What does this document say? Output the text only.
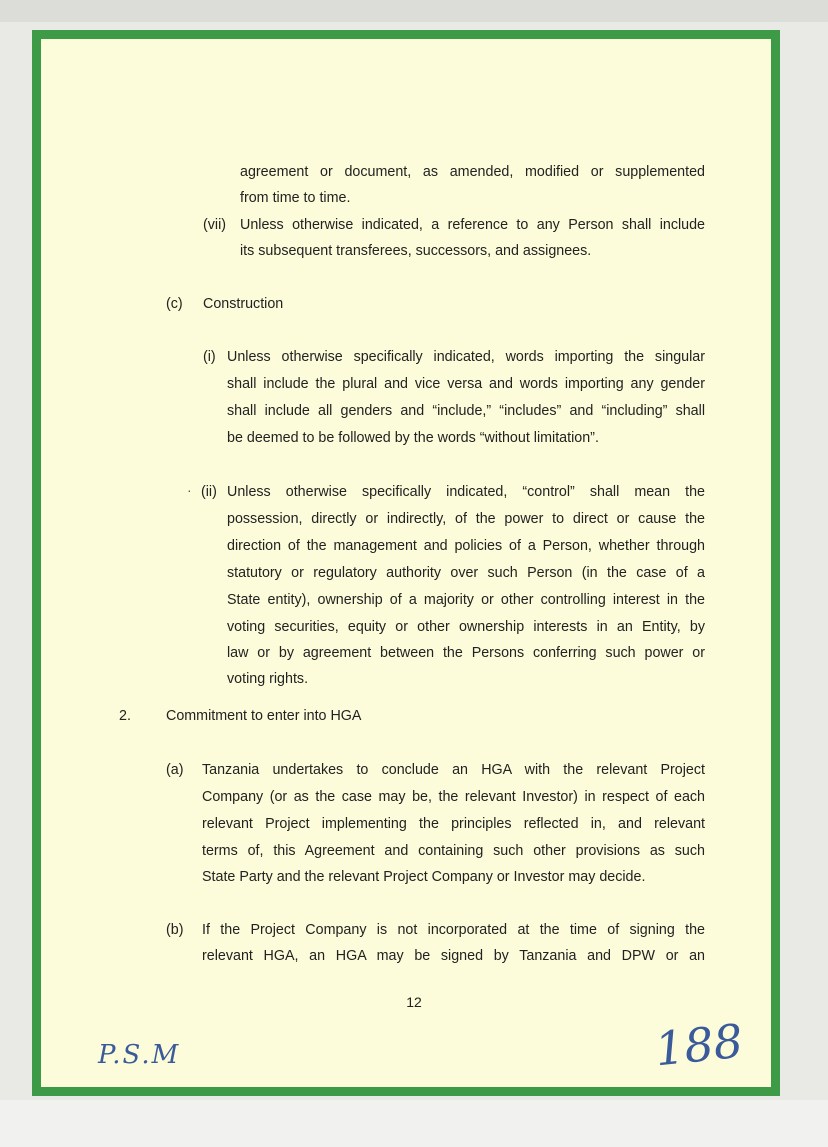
agreement or document, as amended, modified or supplemented

from time to time.

(vii) Unless otherwise indicated, a reference to any Person shall include

its subsequent transferees, successors, and assignees.

(c) Construction
(i) Unless otherwise specifically indicated, words importing the singular

shall include the plural and vice versa and words importing any gender

shall include all genders and “include,” “includes” and “including” shall

be deemed to be followed by the words “without limitation”.

· (ii) Unless otherwise specifically indicated, “control” shall mean the

possession, directly or indirectly, of the power to direct or cause the

direction of the management and policies of a Person, whether through

statutory or regulatory authority over such Person (in the case of a

State entity), ownership of a majority or other controlling interest in the

voting securities, equity or other ownership interests in an Entity, by

law or by agreement between the Persons conferring such power or

voting rights.

2. Commitment to enter into HGA
(a) Tanzania undertakes to conclude an HGA with the relevant Project

Company (or as the case may be, the relevant Investor) in respect of each

relevant Project implementing the principles reflected in, and relevant

terms of, this Agreement and containing such other provisions as such

State Party and the relevant Project Company or Investor may decide.

(b) If the Project Company is not incorporated at the time of signing the

relevant HGA, an HGA may be signed by Tanzania and DPW or an

12
P.S.M	188
